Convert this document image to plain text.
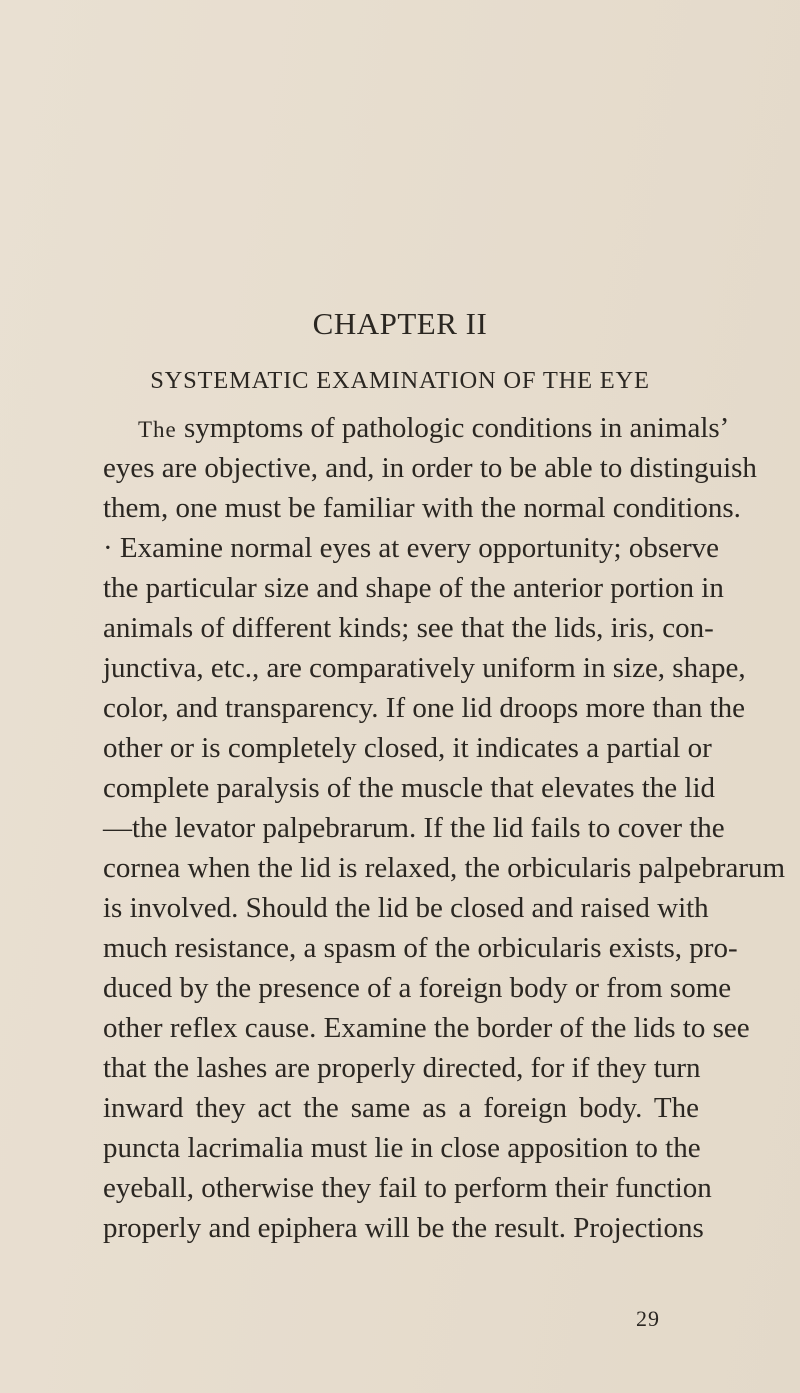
CHAPTER II
SYSTEMATIC EXAMINATION OF THE EYE
The symptoms of pathologic conditions in animals’
eyes are objective, and, in order to be able to distinguish
them, one must be familiar with the normal conditions.
· Examine normal eyes at every opportunity; observe
the particular size and shape of the anterior portion in
animals of different kinds; see that the lids, iris, con-
junctiva, etc., are comparatively uniform in size, shape,
color, and transparency. If one lid droops more than the
other or is completely closed, it indicates a partial or
complete paralysis of the muscle that elevates the lid
—the levator palpebrarum. If the lid fails to cover the
cornea when the lid is relaxed, the orbicularis palpebrarum
is involved. Should the lid be closed and raised with
much resistance, a spasm of the orbicularis exists, pro-
duced by the presence of a foreign body or from some
other reflex cause. Examine the border of the lids to see
that the lashes are properly directed, for if they turn
inward they act the same as a foreign body. The
puncta lacrimalia must lie in close apposition to the
eyeball, otherwise they fail to perform their function
properly and epiphera will be the result. Projections
29
